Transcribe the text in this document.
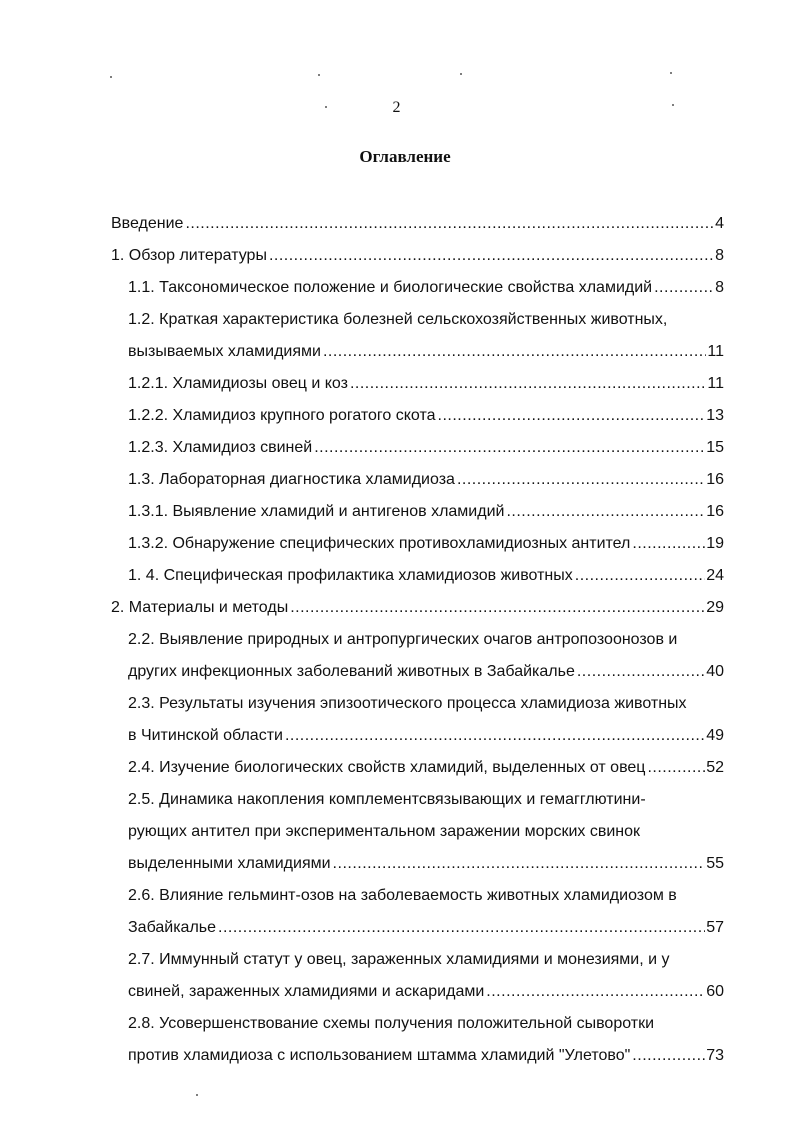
2
Оглавление
Введение .....	4
1. Обзор литературы .....	8
1.1. Таксономическое положение и биологические свойства хламидий .....	8
1.2. Краткая характеристика болезней сельскохозяйственных животных,
вызываемых хламидиями .....	11
1.2.1. Хламидиозы овец и коз .....	11
1.2.2. Хламидиоз крупного рогатого скота .....	13
1.2.3. Хламидиоз свиней .....	15
1.3. Лабораторная диагностика хламидиоза .....	16
1.3.1. Выявление хламидий и антигенов хламидий .....	16
1.3.2. Обнаружение специфических противохламидиозных антител .....	19
1. 4. Специфическая профилактика хламидиозов животных .....	24
2. Материалы и методы .....	29
2.2. Выявление природных и антропургических очагов антропозоонозов и
других инфекционных заболеваний животных в Забайкалье .....	40
2.3. Результаты изучения эпизоотического процесса хламидиоза животных
в Читинской области .....	49
2.4. Изучение биологических свойств хламидий, выделенных от овец .....	52
2.5. Динамика накопления комплементсвязывающих и гемагглютини-
рующих антител при экспериментальном заражении морских свинок
выделенными хламидиями .....	55
2.6. Влияние гельминт-озов на заболеваемость животных хламидиозом в
Забайкалье .....	57
2.7. Иммунный статут у овец, зараженных хламидиями и монезиями, и у
свиней, зараженных хламидиями и аскаридами .....	60
2.8. Усовершенствование схемы получения положительной сыворотки
против хламидиоза с использованием штамма хламидий "Улетово" .....	73
